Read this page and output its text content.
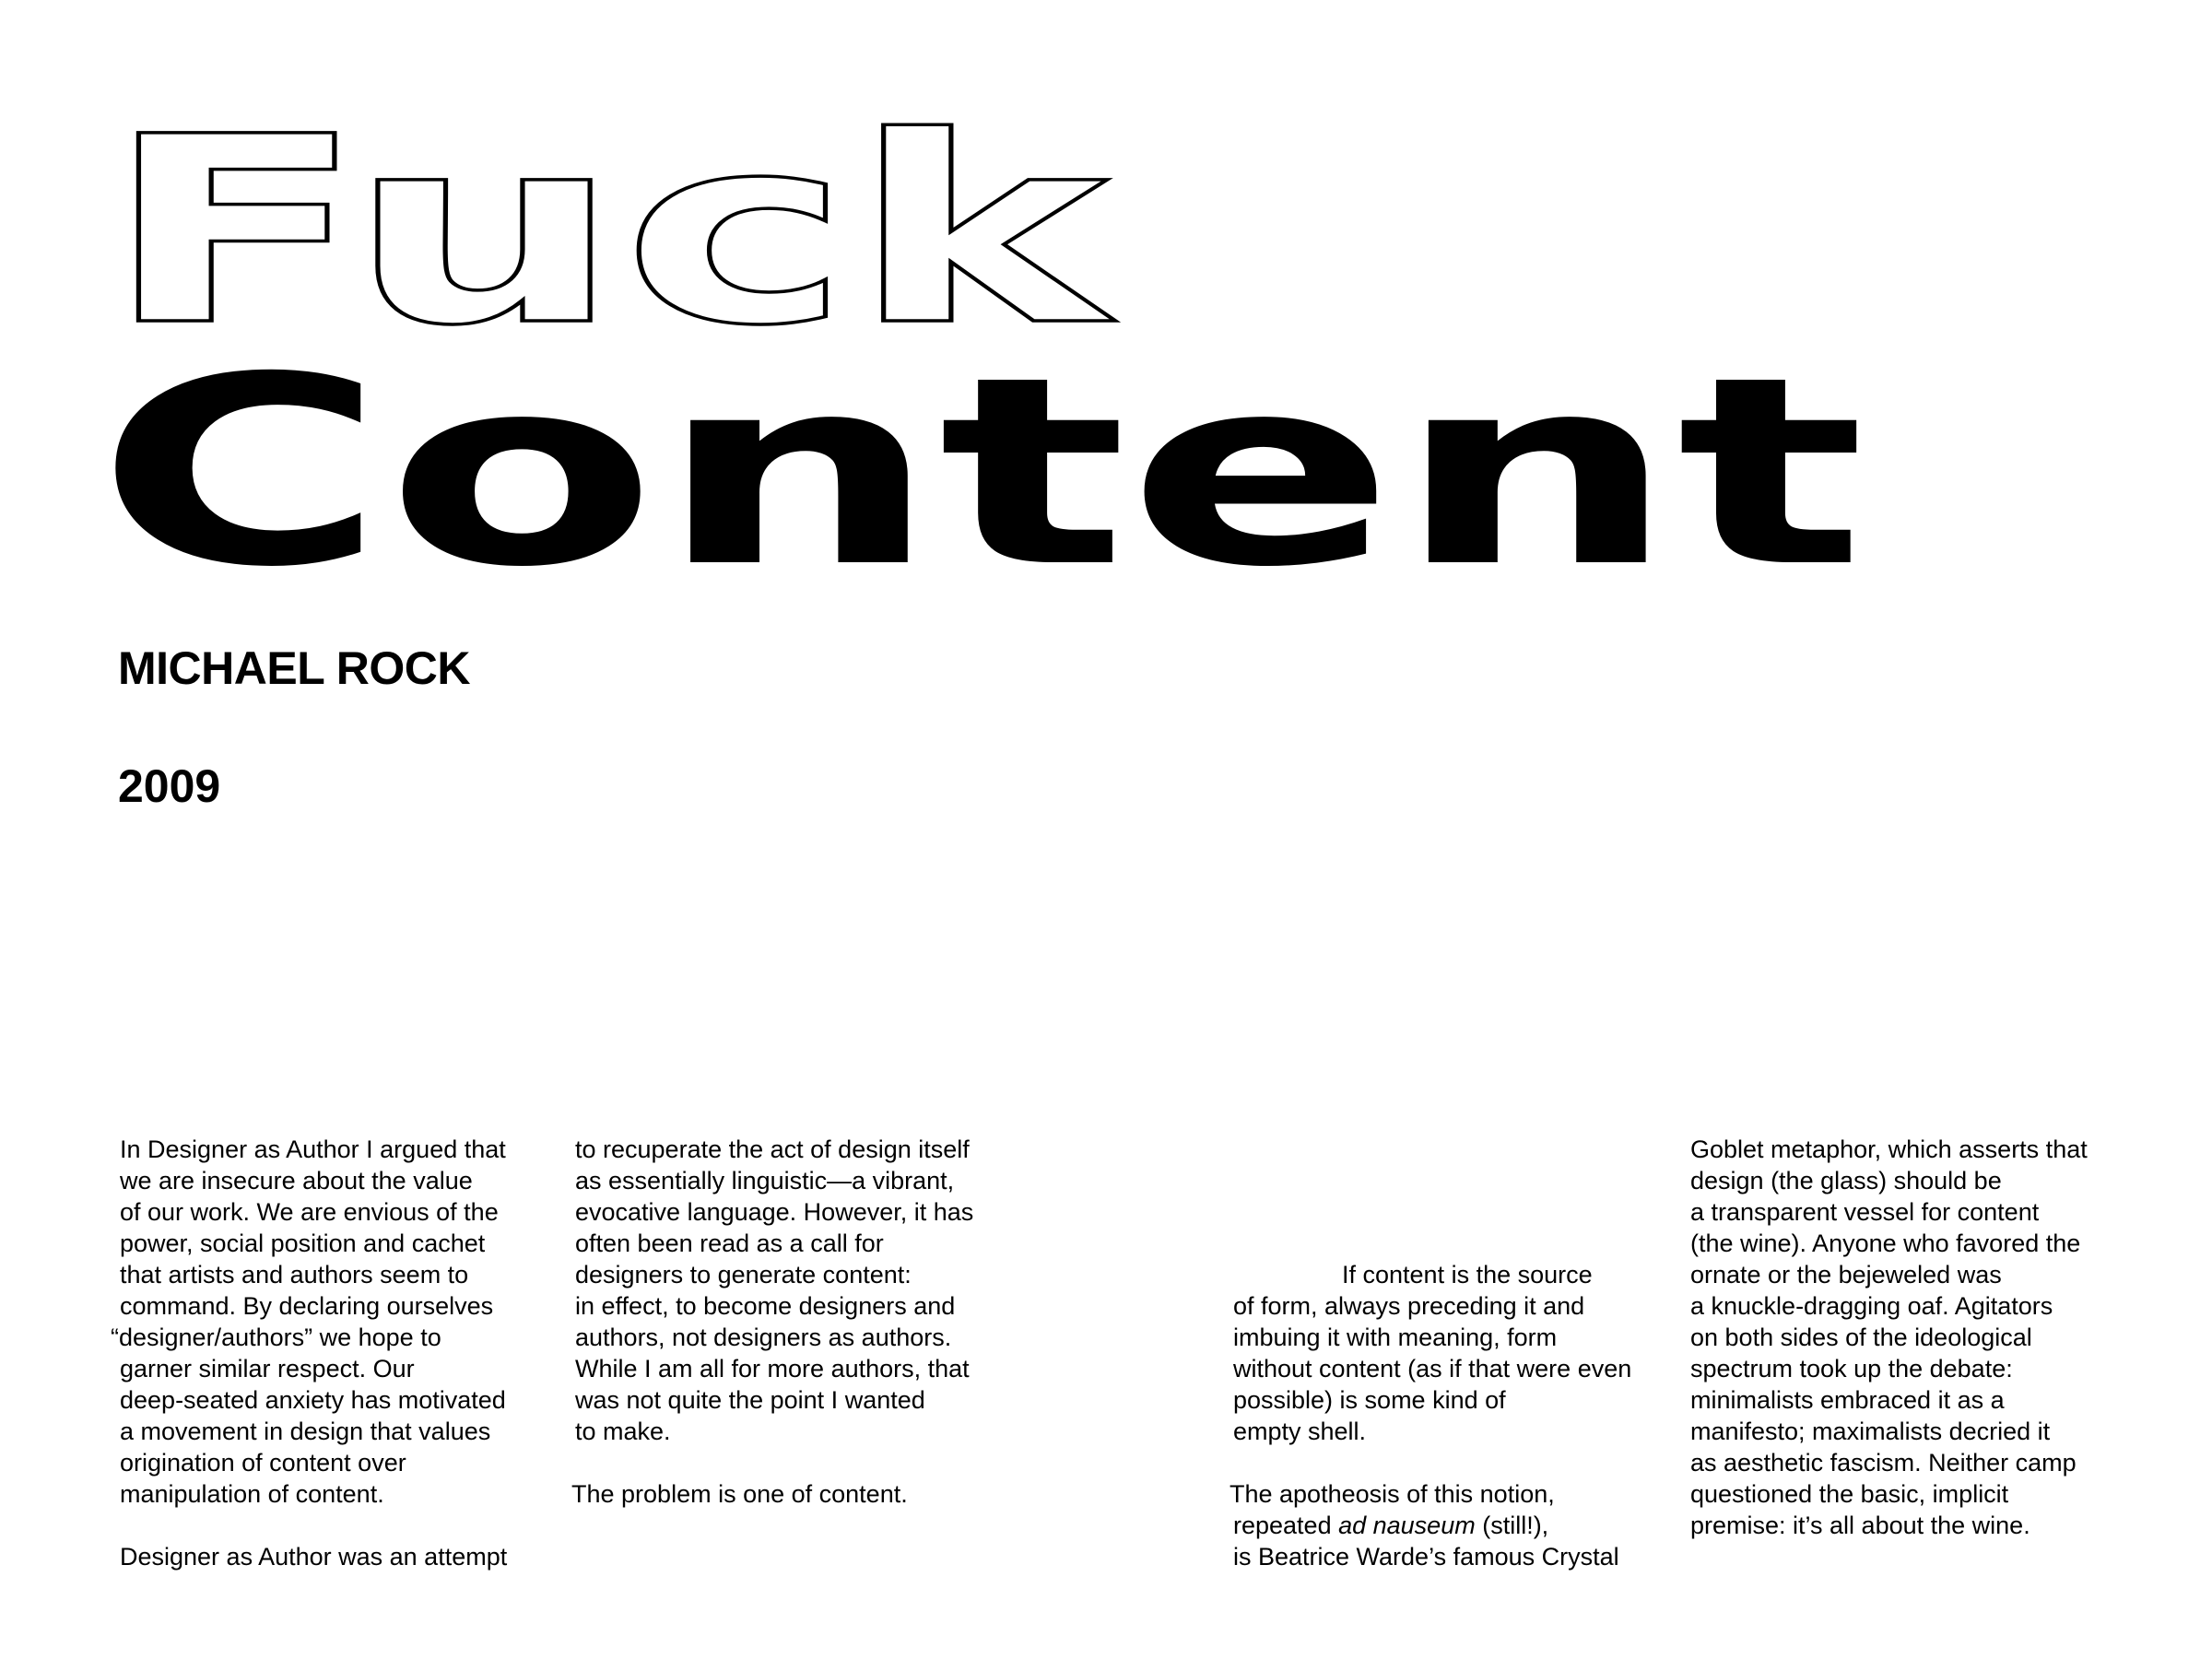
Fuck
Content
MICHAEL ROCK
2009
In Designer as Author I argued that
we are insecure about the value
of our work. We are envious of the
power, social position and cachet
that artists and authors seem to
command. By declaring ourselves
“designer/authors” we hope to
garner similar respect. Our
deep-seated anxiety has motivated
a movement in design that values
origination of content over
manipulation of content.
Designer as Author was an attempt
to recuperate the act of design itself
as essentially linguistic—a vibrant,
evocative language. However, it has
often been read as a call for
designers to generate content:
in effect, to become designers and
authors, not designers as authors.
While I am all for more authors, that
was not quite the point I wanted
to make.
The problem is one of content.
If content is the source
of form, always preceding it and
imbuing it with meaning, form
without content (as if that were even
possible) is some kind of
empty shell.
The apotheosis of this notion,
repeated ad nauseum (still!),
is Beatrice Warde’s famous Crystal
Goblet metaphor, which asserts that
design (the glass) should be
a transparent vessel for content
(the wine). Anyone who favored the
ornate or the bejeweled was
a knuckle-dragging oaf. Agitators
on both sides of the ideological
spectrum took up the debate:
minimalists embraced it as a
manifesto; maximalists decried it
as aesthetic fascism. Neither camp
questioned the basic, implicit
premise: it’s all about the wine.
